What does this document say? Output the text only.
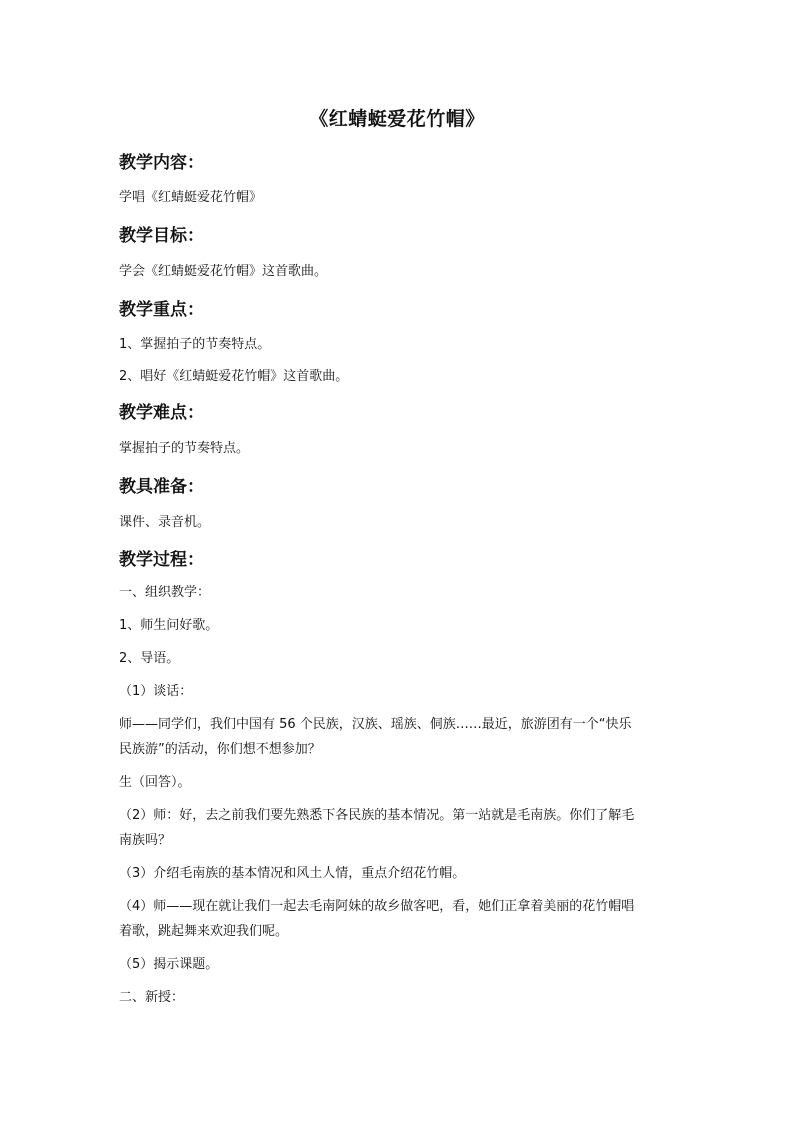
《红蜻蜓爱花竹帽》
教学内容：
学唱《红蜻蜓爱花竹帽》
教学目标：
学会《红蜻蜓爱花竹帽》这首歌曲。
教学重点：
1、掌握拍子的节奏特点。
2、唱好《红蜻蜓爱花竹帽》这首歌曲。
教学难点：
掌握拍子的节奏特点。
教具准备：
课件、录音机。
教学过程：
一、组织教学：
1、师生问好歌。
2、导语。
（1）谈话：
师——同学们，我们中国有 56 个民族，汉族、瑶族、侗族……最近，旅游团有一个“快乐
民族游”的活动，你们想不想参加？
生（回答）。
（2）师：好，去之前我们要先熟悉下各民族的基本情况。第一站就是毛南族。你们了解毛
南族吗？
（3）介绍毛南族的基本情况和风土人情，重点介绍花竹帽。
（4）师——现在就让我们一起去毛南阿妹的故乡做客吧，看，她们正拿着美丽的花竹帽唱
着歌，跳起舞来欢迎我们呢。
（5）揭示课题。
二、新授：
